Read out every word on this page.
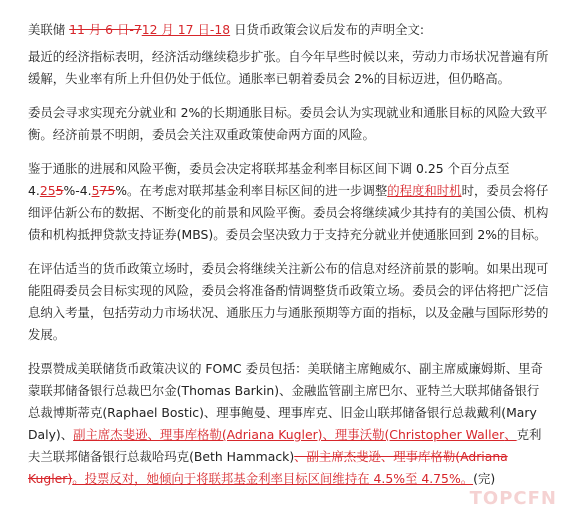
美联储 11 月 6 日-712 月 17 日-18 日货币政策会议后发布的声明全文:

最近的经济指标表明，经济活动继续稳步扩张。自今年早些时候以来，劳动力市场状况普遍有所缓解，失业率有所上升但仍处于低位。通胀率已朝着委员会 2%的目标迈进，但仍略高。

委员会寻求实现充分就业和 2%的长期通胀目标。委员会认为实现就业和通胀目标的风险大致平衡。经济前景不明朗，委员会关注双重政策使命两方面的风险。

鉴于通胀的进展和风险平衡，委员会决定将联邦基金利率目标区间下调 0.25 个百分点至 4.255%-4.575%。在考虑对联邦基金利率目标区间的进一步调整的程度和时机时，委员会将仔细评估新公布的数据、不断变化的前景和风险平衡。委员会将继续减少其持有的美国公债、机构债和机构抵押贷款支持证券(MBS)。委员会坚决致力于支持充分就业并使通胀回到 2%的目标。

在评估适当的货币政策立场时，委员会将继续关注新公布的信息对经济前景的影响。如果出现可能阻碍委员会目标实现的风险，委员会将准备酌情调整货币政策立场。委员会的评估将把广泛信息纳入考量，包括劳动力市场状况、通胀压力与通胀预期等方面的指标，以及金融与国际形势的发展。

投票赞成美联储货币政策决议的 FOMC 委员包括：美联储主席鲍威尔、副主席威廉姆斯、里奇蒙联邦储备银行总裁巴尔金(Thomas Barkin)、金融监管副主席巴尔、亚特兰大联邦储备银行总裁博斯蒂克(Raphael Bostic)、理事鲍曼、理事库克、旧金山联邦储备银行总裁戴利(Mary Daly)、副主席杰斐逊、理事库格勒(Adriana Kugler)、理事沃勒(Christopher Waller、克利夫兰联邦储备银行总裁哈玛克(Beth Hammack)、副主席杰斐逊、理事库格勒(Adriana Kugler)。投票反对，她倾向于将联邦基金利率目标区间维持在 4.5%至 4.75%。(完)

TOPCFN
